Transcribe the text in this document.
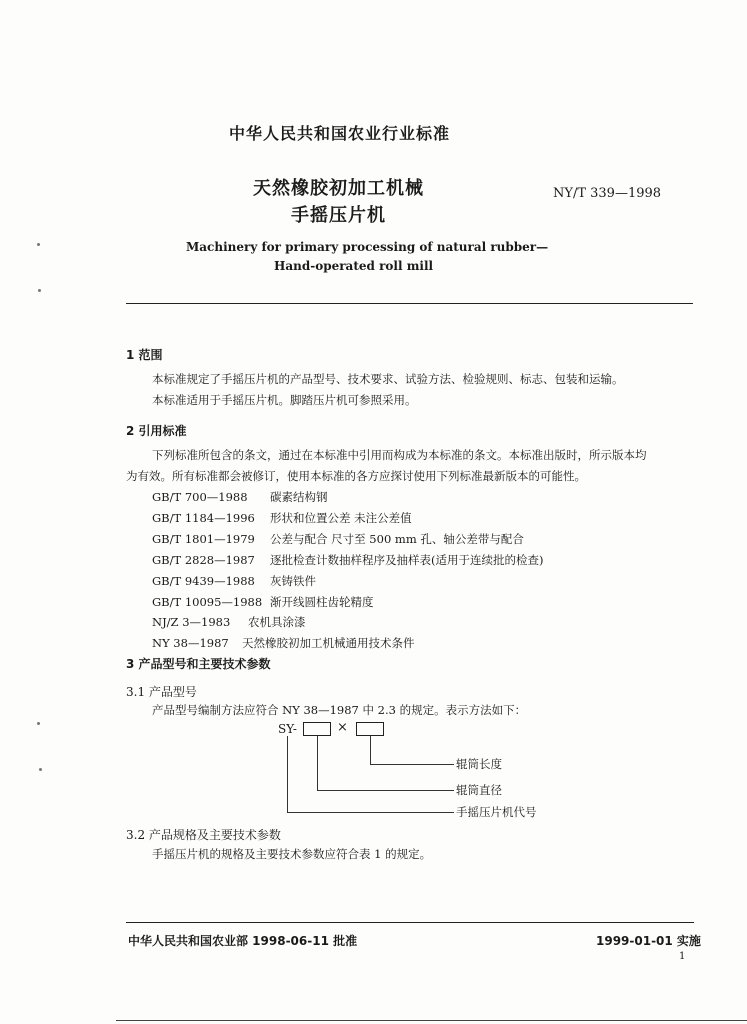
中华人民共和国农业行业标准
天然橡胶初加工机械
手摇压片机
NY/T 339—1998
Machinery for primary processing of natural rubber—
Hand-operated roll mill
1 范围
本标准规定了手摇压片机的产品型号、技术要求、试验方法、检验规则、标志、包装和运输。
本标准适用于手摇压片机。脚踏压片机可参照采用。
2 引用标准
下列标准所包含的条文，通过在本标准中引用而构成为本标准的条文。本标准出版时，所示版本均
为有效。所有标准都会被修订，使用本标准的各方应探讨使用下列标准最新版本的可能性。
GB/T 700—1988 碳素结构钢
GB/T 1184—1996 形状和位置公差 未注公差值
GB/T 1801—1979 公差与配合 尺寸至 500 mm 孔、轴公差带与配合
GB/T 2828—1987 逐批检查计数抽样程序及抽样表(适用于连续批的检查)
GB/T 9439—1988 灰铸铁件
GB/T 10095—1988 渐开线圆柱齿轮精度
NJ/Z 3—1983 农机具涂漆
NY 38—1987 天然橡胶初加工机械通用技术条件
3 产品型号和主要技术参数
3.1 产品型号
产品型号编制方法应符合 NY 38—1987 中 2.3 的规定。表示方法如下：
SY-	×
辊筒长度
辊筒直径
手摇压片机代号
3.2 产品规格及主要技术参数
手摇压片机的规格及主要技术参数应符合表 1 的规定。
中华人民共和国农业部 1998-06-11 批准	1999-01-01 实施
1
